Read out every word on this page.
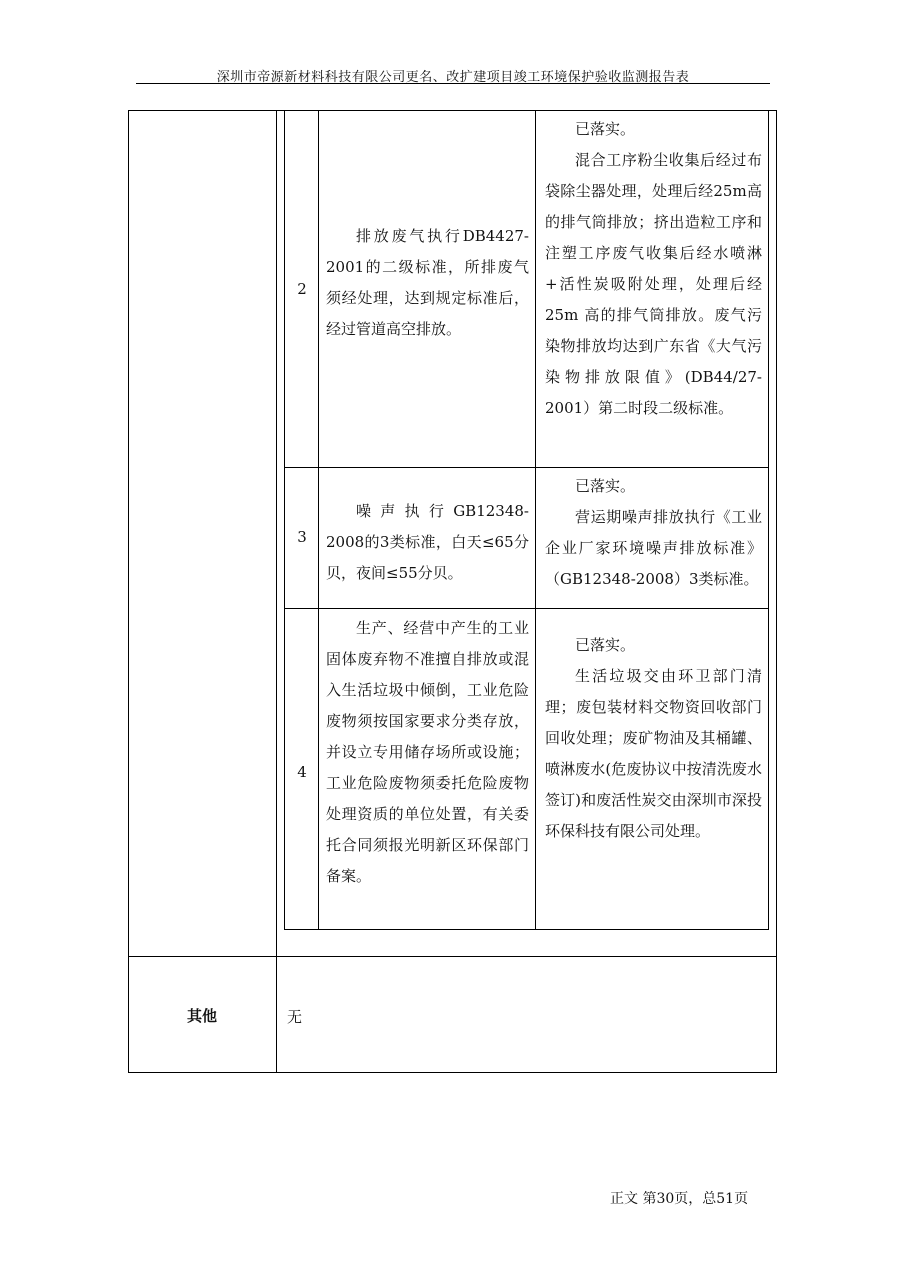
深圳市帝源新材料科技有限公司更名、改扩建项目竣工环境保护验收监测报告表
2
排放废气执行DB4427-2001的二级标准，所排废气须经处理，达到规定标准后，经过管道高空排放。

已落实。

混合工序粉尘收集后经过布袋除尘器处理，处理后经25m高的排气筒排放；挤出造粒工序和注塑工序废气收集后经水喷淋+活性炭吸附处理，处理后经25m 高的排气筒排放。废气污染物排放均达到广东省《大气污染物排放限值》(DB44/27-2001）第二时段二级标准。

3
噪声执行GB12348-2008的3类标准，白天≤65分贝，夜间≤55分贝。

已落实。

营运期噪声排放执行《工业企业厂家环境噪声排放标准》（GB12348-2008）3类标准。

4
生产、经营中产生的工业固体废弃物不准擅自排放或混入生活垃圾中倾倒，工业危险废物须按国家要求分类存放，并设立专用储存场所或设施；工业危险废物须委托危险废物处理资质的单位处置，有关委托合同须报光明新区环保部门备案。

已落实。

生活垃圾交由环卫部门清理；废包装材料交物资回收部门回收处理；废矿物油及其桶罐、喷淋废水(危废协议中按清洗废水签订)和废活性炭交由深圳市深投环保科技有限公司处理。

其他	无
正文 第30页，总51页
